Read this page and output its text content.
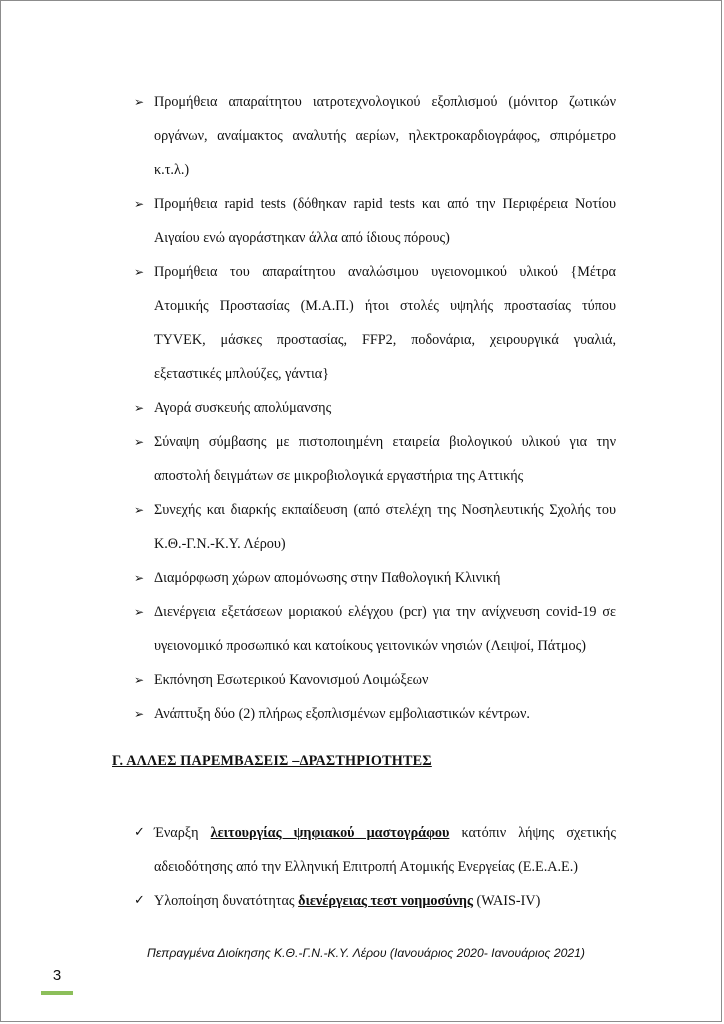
➢ Προμήθεια απαραίτητου ιατροτεχνολογικού εξοπλισμού (μόνιτορ ζωτικών οργάνων, αναίμακτος αναλυτής αερίων, ηλεκτροκαρδιογράφος, σπιρόμετρο κ.τ.λ.)
➢ Προμήθεια rapid tests (δόθηκαν rapid tests και από την Περιφέρεια Νοτίου Αιγαίου ενώ αγοράστηκαν άλλα από ίδιους πόρους)
➢ Προμήθεια του απαραίτητου αναλώσιμου υγειονομικού υλικού {Μέτρα Ατομικής Προστασίας (Μ.Α.Π.) ήτοι στολές υψηλής προστασίας τύπου TYVEK, μάσκες προστασίας, FFP2, ποδονάρια, χειρουργικά γυαλιά, εξεταστικές μπλούζες, γάντια}
➢ Αγορά συσκευής απολύμανσης
➢ Σύναψη σύμβασης με πιστοποιημένη εταιρεία βιολογικού υλικού για την αποστολή δειγμάτων σε μικροβιολογικά εργαστήρια της Αττικής
➢ Συνεχής και διαρκής εκπαίδευση (από στελέχη της Νοσηλευτικής Σχολής του Κ.Θ.-Γ.Ν.-Κ.Υ. Λέρου)
➢ Διαμόρφωση χώρων απομόνωσης στην Παθολογική Κλινική
➢ Διενέργεια εξετάσεων μοριακού ελέγχου (pcr) για την ανίχνευση covid-19 σε υγειονομικό προσωπικό και κατοίκους γειτονικών νησιών (Λειψοί, Πάτμος)
➢ Εκπόνηση Εσωτερικού Κανονισμού Λοιμώξεων
➢ Ανάπτυξη δύο (2) πλήρως εξοπλισμένων εμβολιαστικών κέντρων.
Γ. ΑΛΛΕΣ ΠΑΡΕΜΒΑΣΕΙΣ –ΔΡΑΣΤΗΡΙΟΤΗΤΕΣ
✓ Έναρξη λειτουργίας ψηφιακού μαστογράφου κατόπιν λήψης σχετικής αδειοδότησης από την Ελληνική Επιτροπή Ατομικής Ενεργείας (Ε.Ε.Α.Ε.)
✓ Υλοποίηση δυνατότητας διενέργειας τεστ νοημοσύνης (WAIS-IV)
Πεπραγμένα Διοίκησης Κ.Θ.-Γ.Ν.-Κ.Υ. Λέρου (Ιανουάριος 2020- Ιανουάριος 2021)
3
